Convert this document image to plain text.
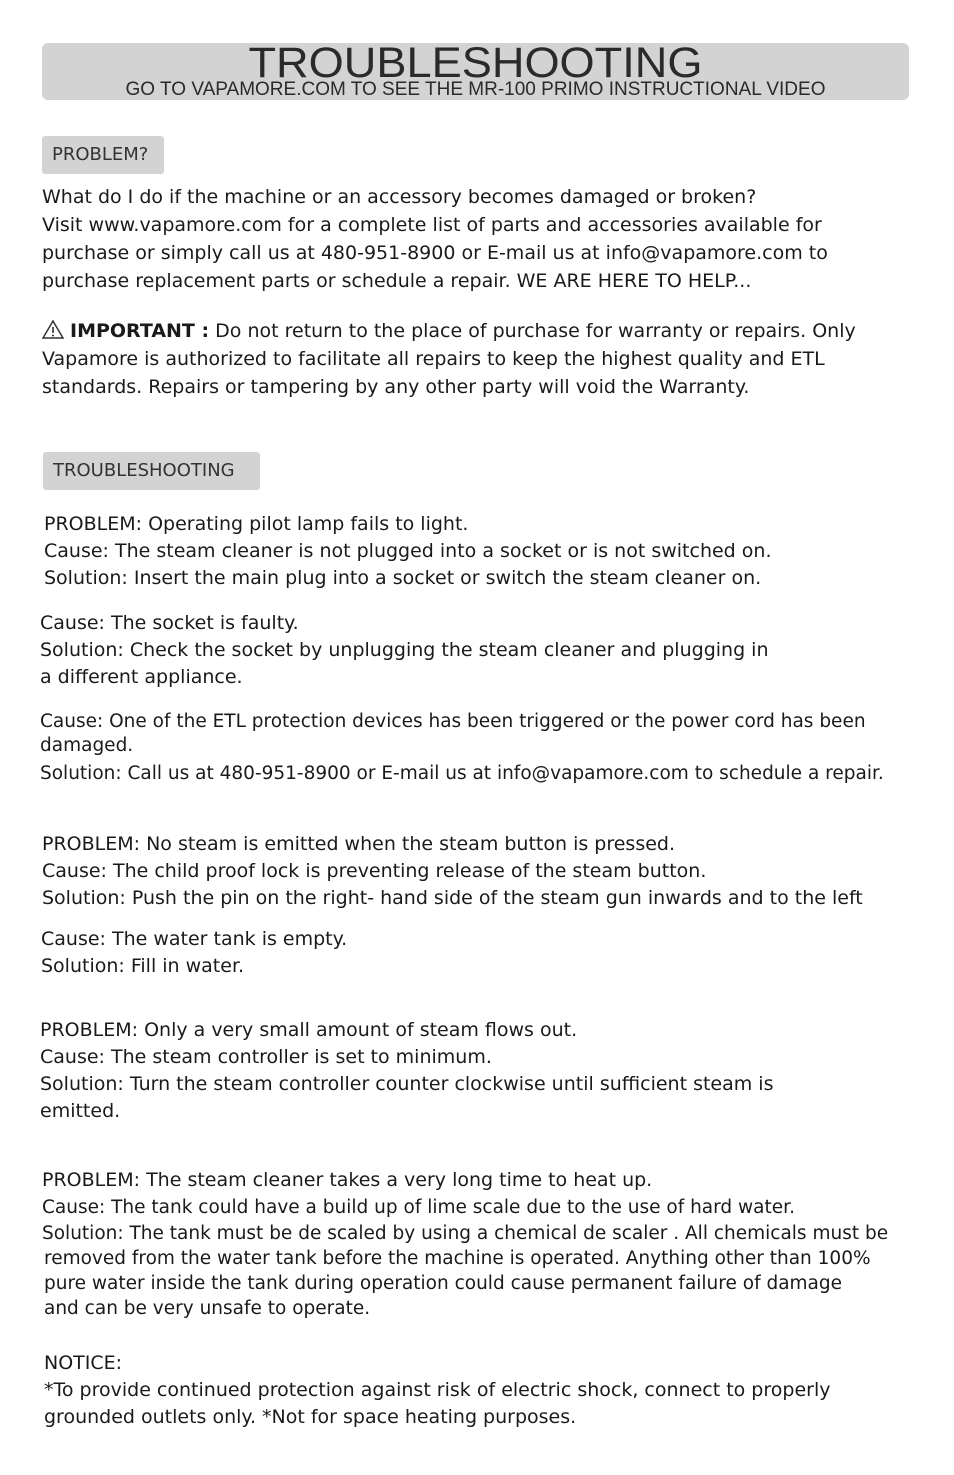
TROUBLESHOOTING
GO TO VAPAMORE.COM TO SEE THE MR-100 PRIMO INSTRUCTIONAL VIDEO
PROBLEM?
What do I do if the machine or an accessory becomes damaged or broken?
Visit www.vapamore.com for a complete list of parts and accessories available for
purchase or simply call us at 480-951-8900 or E-mail us at info@vapamore.com to
purchase replacement parts or schedule a repair. WE ARE HERE TO HELP...
IMPORTANT : Do not return to the place of purchase for warranty or repairs. Only
Vapamore is authorized to facilitate all repairs to keep the highest quality and ETL
standards. Repairs or tampering by any other party will void the Warranty.
TROUBLESHOOTING
PROBLEM: Operating pilot lamp fails to light.
Cause: The steam cleaner is not plugged into a socket or is not switched on.
Solution: Insert the main plug into a socket or switch the steam cleaner on.
Cause: The socket is faulty.
Solution: Check the socket by unplugging the steam cleaner and plugging in
a different appliance.
Cause: One of the ETL protection devices has been triggered or the power cord has been
damaged.
Solution: Call us at 480-951-8900 or E-mail us at info@vapamore.com to schedule a repair.
PROBLEM: No steam is emitted when the steam button is pressed.
Cause: The child proof lock is preventing release of the steam button.
Solution: Push the pin on the right- hand side of the steam gun inwards and to the left
Cause: The water tank is empty.
Solution: Fill in water.
PROBLEM: Only a very small amount of steam flows out.
Cause: The steam controller is set to minimum.
Solution: Turn the steam controller counter clockwise until sufficient steam is
emitted.
PROBLEM: The steam cleaner takes a very long time to heat up.
Cause: The tank could have a build up of lime scale due to the use of hard water.
Solution: The tank must be de scaled by using a chemical de scaler . All chemicals must be
removed from the water tank before the machine is operated. Anything other than 100%
pure water inside the tank during operation could cause permanent failure of damage
and can be very unsafe to operate.
NOTICE:
*To provide continued protection against risk of electric shock, connect to properly
grounded outlets only. *Not for space heating purposes.
